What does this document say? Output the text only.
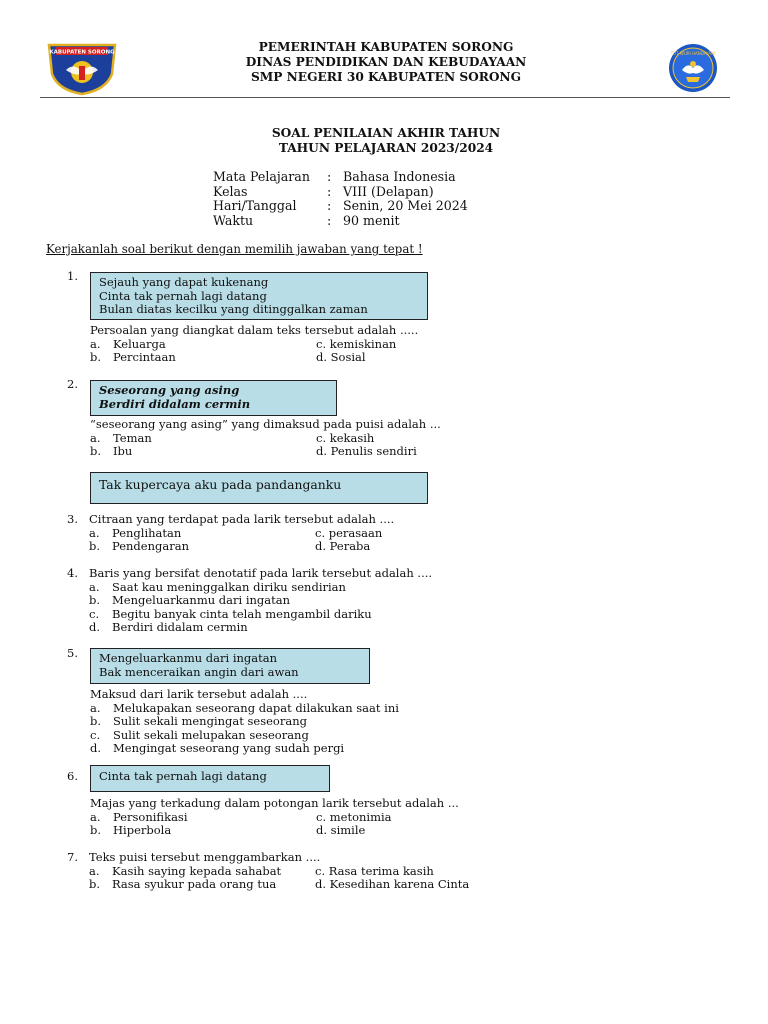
KABUPATEN SORONG	TUT WURI HANDAYANI
PEMERINTAH KABUPATEN SORONG
DINAS PENDIDIKAN DAN KEBUDAYAAN
SMP NEGERI 30 KABUPATEN SORONG
SOAL PENILAIAN AKHIR TAHUN
TAHUN PELAJARAN 2023/2024
Mata Pelajaran	: Bahasa Indonesia
Kelas	: VIII (Delapan)
Hari/Tanggal	: Senin, 20 Mei 2024
Waktu	: 90 menit
Kerjakanlah soal berikut dengan memilih jawaban yang tepat !
1. Sejauh yang dapat kukenang
Cinta tak pernah lagi datang
Bulan diatas kecilku yang ditinggalkan zaman
Persoalan yang diangkat dalam teks tersebut adalah .....
a.	Keluarga	c. kemiskinan
b.	Percintaan	d. Sosial
2. Seseorang yang asing
Berdiri didalam cermin
“seseorang yang asing” yang dimaksud pada puisi adalah ...
a.	Teman	c. kekasih
b.	Ibu	d. Penulis sendiri
Tak kupercaya aku pada pandanganku
3. Citraan yang terdapat pada larik tersebut adalah ....
a.	Penglihatan	c. perasaan
b.	Pendengaran	d. Peraba
4. Baris yang bersifat denotatif pada larik tersebut adalah ....
a.	Saat kau meninggalkan diriku sendirian
b.	Mengeluarkanmu dari ingatan
c.	Begitu banyak cinta telah mengambil dariku
d.	Berdiri didalam cermin
5. Mengeluarkanmu dari ingatan
Bak menceraikan angin dari awan
Maksud dari larik tersebut adalah ....
a.	Melukapakan seseorang dapat dilakukan saat ini
b.	Sulit sekali mengingat seseorang
c.	Sulit sekali melupakan seseorang
d.	Mengingat seseorang yang sudah pergi
6. Cinta tak pernah lagi datang
Majas yang terkadung dalam potongan larik tersebut adalah ...
a.	Personifikasi	c. metonimia
b.	Hiperbola	d. simile
7. Teks puisi tersebut menggambarkan ....
a.	Kasih saying kepada sahabat	c. Rasa terima kasih
b.	Rasa syukur pada orang tua	d. Kesedihan karena Cinta
